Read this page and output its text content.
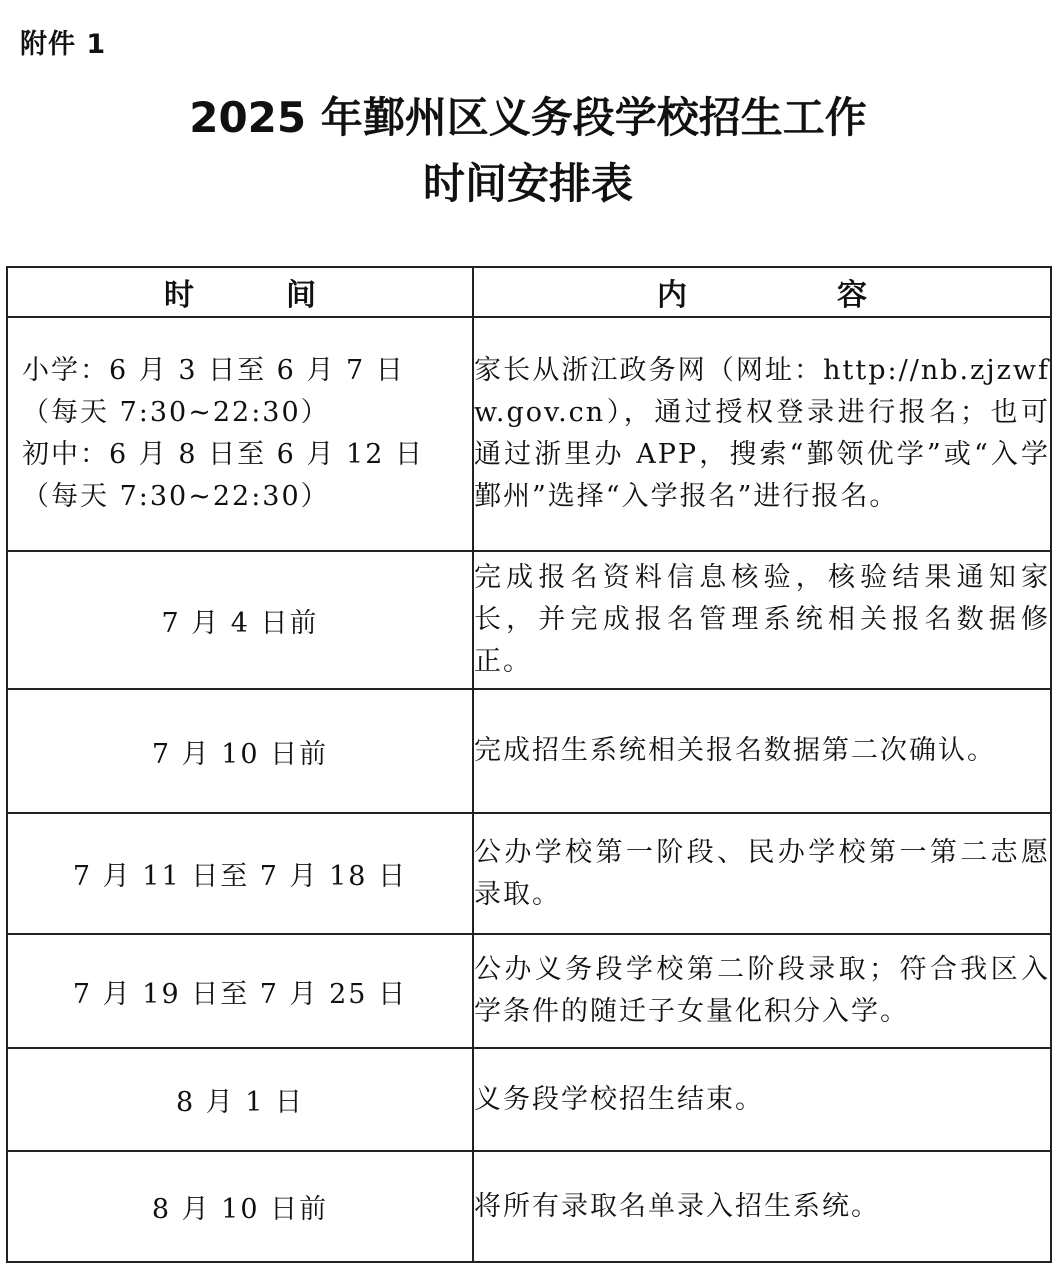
附件 1
2025 年鄞州区义务段学校招生工作
时间安排表
时间	内容

小学：6 月 3 日至 6 月 7 日
（每天 7:30~22:30）
初中：6 月 8 日至 6 月 12 日
（每天 7:30~22:30）	家长从浙江政务网（网址：http://nb.zjzwfw.gov.cn），通过授权登录进行报名；也可通过浙里办 APP，搜索“鄞领优学”或“入学鄞州”选择“入学报名”进行报名。
7 月 4 日前	完成报名资料信息核验，核验结果通知家长，并完成报名管理系统相关报名数据修正。
7 月 10 日前	完成招生系统相关报名数据第二次确认。
7 月 11 日至 7 月 18 日	公办学校第一阶段、民办学校第一第二志愿录取。
7 月 19 日至 7 月 25 日	公办义务段学校第二阶段录取；符合我区入学条件的随迁子女量化积分入学。
8 月 1 日	义务段学校招生结束。
8 月 10 日前	将所有录取名单录入招生系统。
